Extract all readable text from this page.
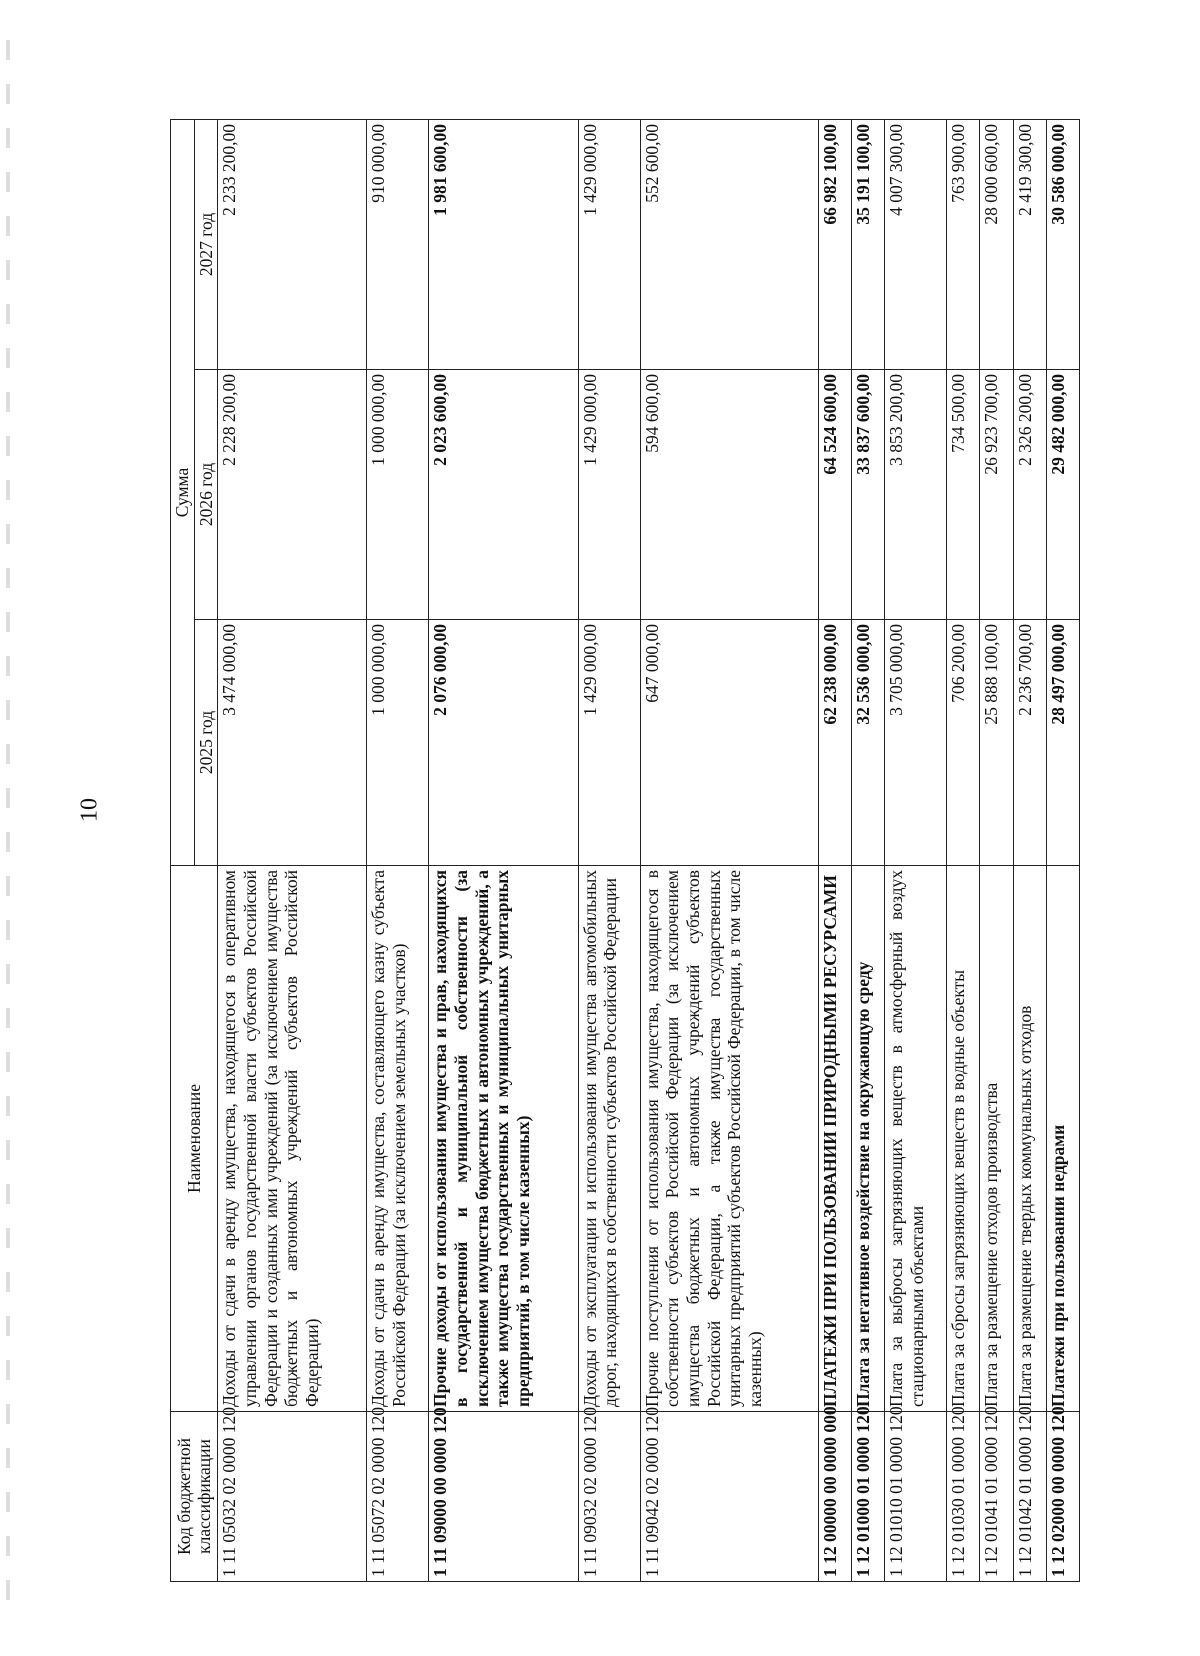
10
Код бюджетной классификации	Наименование	Сумма		
		2025 год	2026 год	2027 год
1 11 05032 02 0000 120	Доходы от сдачи в аренду имущества, находящегося в оперативном управлении органов государственной власти субъектов Российской Федерации и созданных ими учреждений (за исключением имущества бюджетных и автономных учреждений субъектов Российской Федерации)	3 474 000,00	2 228 200,00	2 233 200,00
1 11 05072 02 0000 120	Доходы от сдачи в аренду имущества, составляющего казну субъекта Российской Федерации (за исключением земельных участков)	1 000 000,00	1 000 000,00	910 000,00
1 11 09000 00 0000 120	Прочие доходы от использования имущества и прав, находящихся в государственной и муниципальной собственности (за исключением имущества бюджетных и автономных учреждений, а также имущества государственных и муниципальных унитарных предприятий, в том числе казенных)	2 076 000,00	2 023 600,00	1 981 600,00
1 11 09032 02 0000 120	Доходы от эксплуатации и использования имущества автомобильных дорог, находящихся в собственности субъектов Российской Федерации	1 429 000,00	1 429 000,00	1 429 000,00
1 11 09042 02 0000 120	Прочие поступления от использования имущества, находящегося в собственности субъектов Российской Федерации (за исключением имущества бюджетных и автономных учреждений субъектов Российской Федерации, а также имущества государственных унитарных предприятий субъектов Российской Федерации, в том числе казенных)	647 000,00	594 600,00	552 600,00
1 12 00000 00 0000 000	ПЛАТЕЖИ ПРИ ПОЛЬЗОВАНИИ ПРИРОДНЫМИ РЕСУРСАМИ	62 238 000,00	64 524 600,00	66 982 100,00
1 12 01000 01 0000 120	Плата за негативное воздействие на окружающую среду	32 536 000,00	33 837 600,00	35 191 100,00
1 12 01010 01 0000 120	Плата за выбросы загрязняющих веществ в атмосферный воздух стационарными объектами	3 705 000,00	3 853 200,00	4 007 300,00
1 12 01030 01 0000 120	Плата за сбросы загрязняющих веществ в водные объекты	706 200,00	734 500,00	763 900,00
1 12 01041 01 0000 120	Плата за размещение отходов производства	25 888 100,00	26 923 700,00	28 000 600,00
1 12 01042 01 0000 120	Плата за размещение твердых коммунальных отходов	2 236 700,00	2 326 200,00	2 419 300,00
1 12 02000 00 0000 120	Платежи при пользовании недрами	28 497 000,00	29 482 000,00	30 586 000,00
